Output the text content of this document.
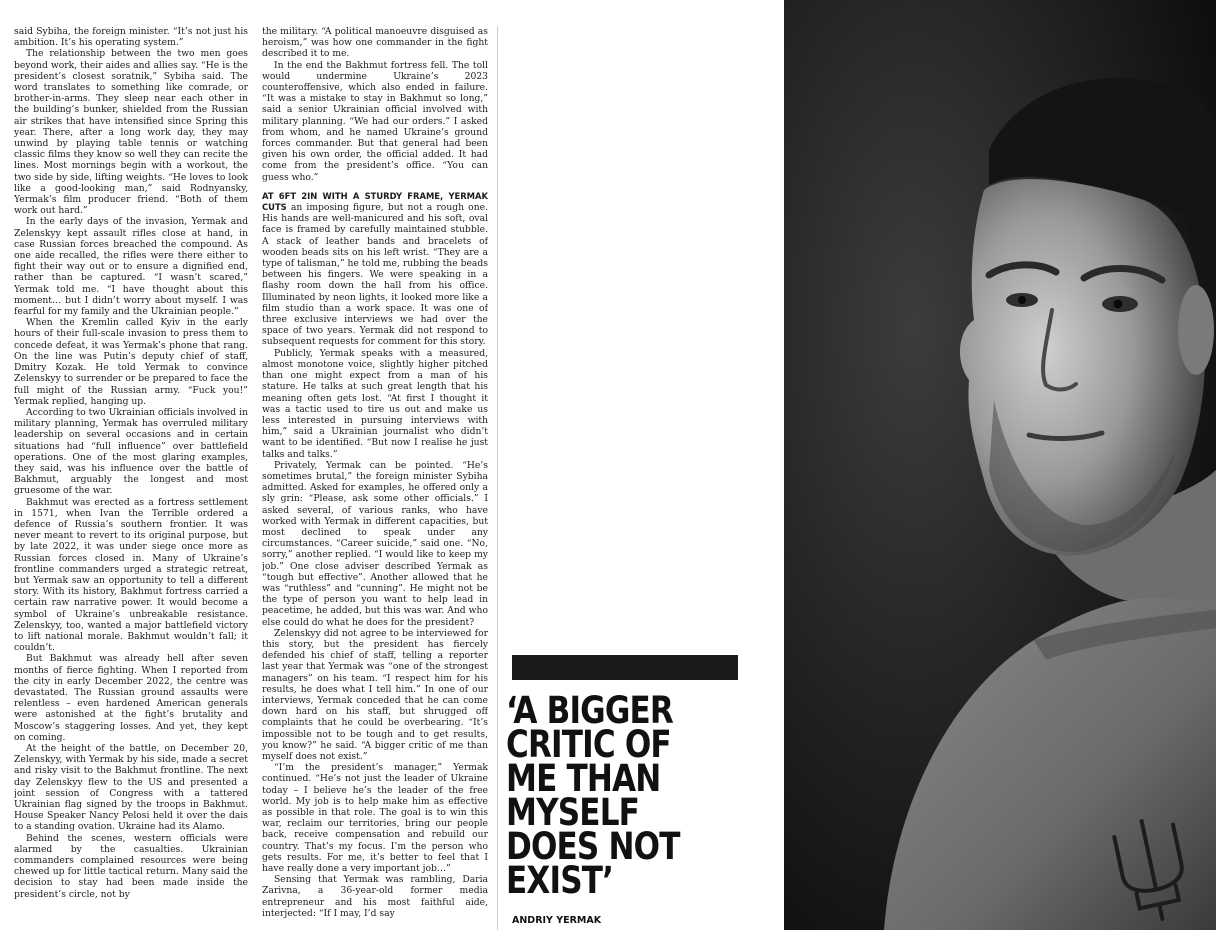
said Sybiha, the foreign minister. “It’s not just his ambition. It’s his operating system.”

The relationship between the two men goes beyond work, their aides and allies say. “He is the president’s closest soratnik,” Sybiha said. The word translates to something like comrade, or brother-in-arms. They sleep near each other in the building’s bunker, shielded from the Russian air strikes that have intensified since Spring this year. There, after a long work day, they may unwind by playing table tennis or watching classic films they know so well they can recite the lines. Most mornings begin with a workout, the two side by side, lifting weights. “He loves to look like a good-looking man,” said Rodnyansky, Yermak’s film producer friend. “Both of them work out hard.”

In the early days of the invasion, Yermak and Zelenskyy kept assault rifles close at hand, in case Russian forces breached the compound. As one aide recalled, the rifles were there either to fight their way out or to ensure a dignified end, rather than be captured. “I wasn’t scared,” Yermak told me. “I have thought about this moment… but I didn’t worry about myself. I was fearful for my family and the Ukrainian people.”

When the Kremlin called Kyiv in the early hours of their full-scale invasion to press them to concede defeat, it was Yermak’s phone that rang. On the line was Putin’s deputy chief of staff, Dmitry Kozak. He told Yermak to convince Zelenskyy to surrender or be prepared to face the full might of the Russian army. “Fuck you!” Yermak replied, hanging up.

According to two Ukrainian officials involved in military planning, Yermak has overruled military leadership on several occasions and in certain situations had “full influence” over battlefield operations. One of the most glaring examples, they said, was his influence over the battle of Bakhmut, arguably the longest and most gruesome of the war.

Bakhmut was erected as a fortress settlement in 1571, when Ivan the Terrible ordered a defence of Russia’s southern frontier. It was never meant to revert to its original purpose, but by late 2022, it was under siege once more as Russian forces closed in. Many of Ukraine’s frontline commanders urged a strategic retreat, but Yermak saw an opportunity to tell a different story. With its history, Bakhmut fortress carried a certain raw narrative power. It would become a symbol of Ukraine’s unbreakable resistance. Zelenskyy, too, wanted a major battlefield victory to lift national morale. Bakhmut wouldn’t fall; it couldn’t.

But Bakhmut was already hell after seven months of fierce fighting. When I reported from the city in early December 2022, the centre was devastated. The Russian ground assaults were relentless – even hardened American generals were astonished at the fight’s brutality and Moscow’s staggering losses. And yet, they kept on coming.

At the height of the battle, on December 20, Zelenskyy, with Yermak by his side, made a secret and risky visit to the Bakhmut frontline. The next day Zelenskyy flew to the US and presented a joint session of Congress with a tattered Ukrainian flag signed by the troops in Bakhmut. House Speaker Nancy Pelosi held it over the dais to a standing ovation. Ukraine had its Alamo.

Behind the scenes, western officials were alarmed by the casualties. Ukrainian commanders complained resources were being chewed up for little tactical return. Many said the decision to stay had been made inside the president’s circle, not by

the military. “A political manoeuvre disguised as heroism,” was how one commander in the fight described it to me.

In the end the Bakhmut fortress fell. The toll would undermine Ukraine’s 2023 counteroffensive, which also ended in failure. “It was a mistake to stay in Bakhmut so long,” said a senior Ukrainian official involved with military planning. “We had our orders.” I asked from whom, and he named Ukraine’s ground forces commander. But that general had been given his own order, the official added. It had come from the president’s office. “You can guess who.”

AT 6FT 2IN WITH A STURDY FRAME, YERMAK CUTS an imposing figure, but not a rough one. His hands are well-manicured and his soft, oval face is framed by carefully maintained stubble. A stack of leather bands and bracelets of wooden beads sits on his left wrist. “They are a type of talisman,” he told me, rubbing the beads between his fingers. We were speaking in a flashy room down the hall from his office. Illuminated by neon lights, it looked more like a film studio than a work space. It was one of three exclusive interviews we had over the space of two years. Yermak did not respond to subsequent requests for comment for this story.

Publicly, Yermak speaks with a measured, almost monotone voice, slightly higher pitched than one might expect from a man of his stature. He talks at such great length that his meaning often gets lost. “At first I thought it was a tactic used to tire us out and make us less interested in pursuing interviews with him,” said a Ukrainian journalist who didn’t want to be identified. “But now I realise he just talks and talks.”

Privately, Yermak can be pointed. “He’s sometimes brutal,” the foreign minister Sybiha admitted. Asked for examples, he offered only a sly grin: “Please, ask some other officials.” I asked several, of various ranks, who have worked with Yermak in different capacities, but most declined to speak under any circumstances. “Career suicide,” said one. “No, sorry,” another replied. “I would like to keep my job.” One close adviser described Yermak as “tough but effective”. Another allowed that he was “ruthless” and “cunning”. He might not be the type of person you want to help lead in peacetime, he added, but this was war. And who else could do what he does for the president?

Zelenskyy did not agree to be interviewed for this story, but the president has fiercely defended his chief of staff, telling a reporter last year that Yermak was “one of the strongest managers” on his team. “I respect him for his results, he does what I tell him.” In one of our interviews, Yermak conceded that he can come down hard on his staff, but shrugged off complaints that he could be overbearing. “It’s impossible not to be tough and to get results, you know?” he said. “A bigger critic of me than myself does not exist.”

“I’m the president’s manager,” Yermak continued. “He’s not just the leader of Ukraine today – I believe he’s the leader of the free world. My job is to help make him as effective as possible in that role. The goal is to win this war, reclaim our territories, bring our people back, receive compensation and rebuild our country. That’s my focus. I’m the person who gets results. For me, it’s better to feel that I have really done a very important job…”

Sensing that Yermak was rambling, Daria Zarivna, a 36-year-old former media entrepreneur and his most faithful aide, interjected: “If I may, I’d say

‘A BIGGER
CRITIC OF
ME THAN
MYSELF
DOES NOT
EXIST’

ANDRIY YERMAK
